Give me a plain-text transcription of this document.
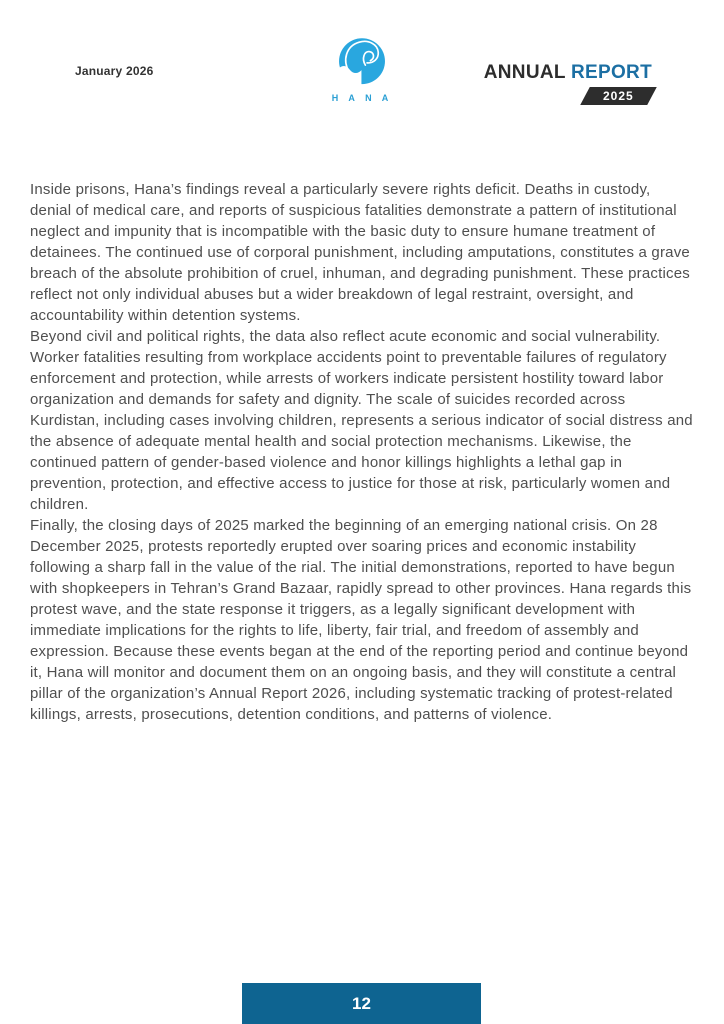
January 2026
H A N A
ANNUAL REPORT
2025

Inside prisons, Hana’s findings reveal a particularly severe rights deficit. Deaths in custody, denial of medical care, and reports of suspicious fatalities demonstrate a pattern of institutional neglect and impunity that is incompatible with the basic duty to ensure humane treatment of detainees. The continued use of corporal punishment, including amputations, constitutes a grave breach of the absolute prohibition of cruel, inhuman, and degrading punishment. These practices reflect not only individual abuses but a wider breakdown of legal restraint, oversight, and accountability within detention systems.

Beyond civil and political rights, the data also reflect acute economic and social vulnerability. Worker fatalities resulting from workplace accidents point to preventable failures of regulatory enforcement and protection, while arrests of workers indicate persistent hostility toward labor organization and demands for safety and dignity. The scale of suicides recorded across Kurdistan, including cases involving children, represents a serious indicator of social distress and the absence of adequate mental health and social protection mechanisms. Likewise, the continued pattern of gender-based violence and honor killings highlights a lethal gap in prevention, protection, and effective access to justice for those at risk, particularly women and children.

Finally, the closing days of 2025 marked the beginning of an emerging national crisis. On 28 December 2025, protests reportedly erupted over soaring prices and economic instability following a sharp fall in the value of the rial. The initial demonstrations, reported to have begun with shopkeepers in Tehran’s Grand Bazaar, rapidly spread to other provinces. Hana regards this protest wave, and the state response it triggers, as a legally significant development with immediate implications for the rights to life, liberty, fair trial, and freedom of assembly and expression. Because these events began at the end of the reporting period and continue beyond it, Hana will monitor and document them on an ongoing basis, and they will constitute a central pillar of the organization’s Annual Report 2026, including systematic tracking of protest-related killings, arrests, prosecutions, detention conditions, and patterns of violence.

12
